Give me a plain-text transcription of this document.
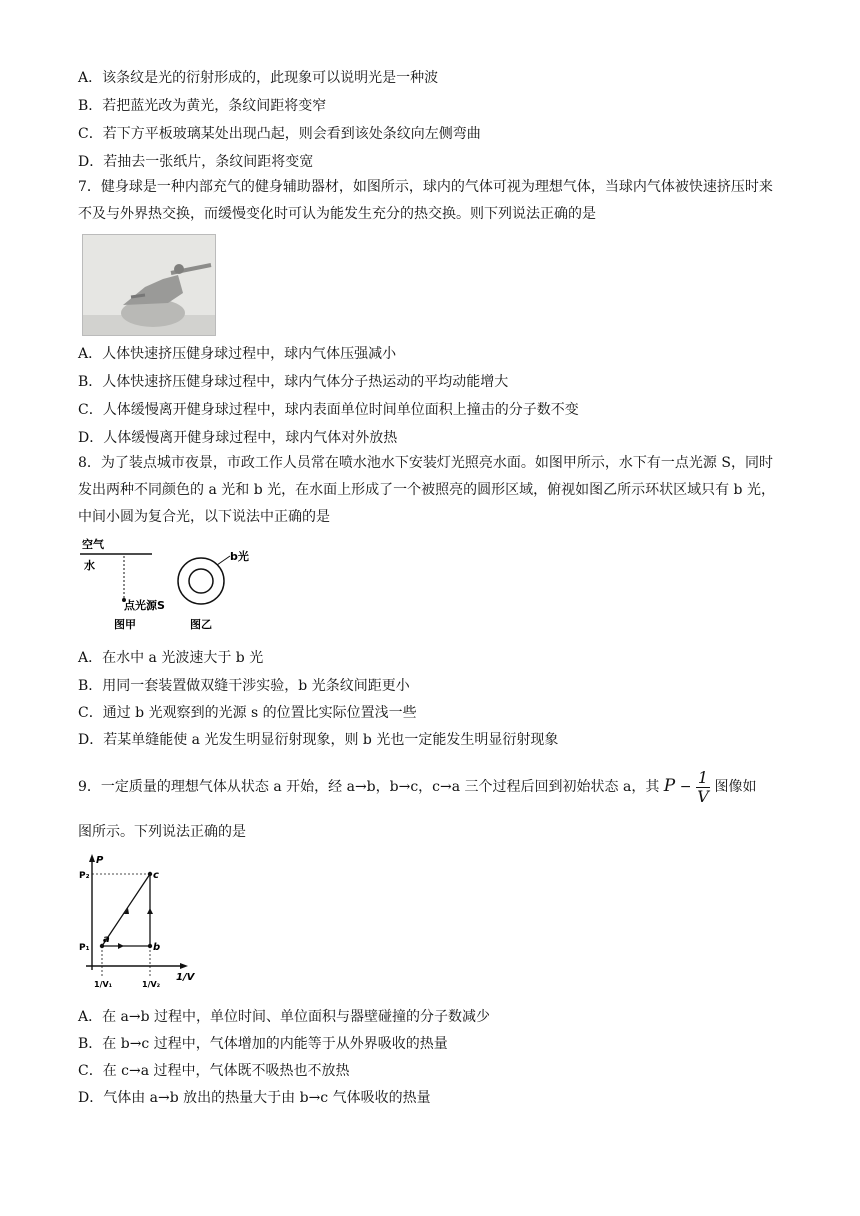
A．该条纹是光的衍射形成的，此现象可以说明光是一种波
B．若把蓝光改为黄光，条纹间距将变窄
C．若下方平板玻璃某处出现凸起，则会看到该处条纹向左侧弯曲
D．若抽去一张纸片，条纹间距将变宽
7．健身球是一种内部充气的健身辅助器材，如图所示，球内的气体可视为理想气体，当球内气体被快速挤压时来不及与外界热交换，而缓慢变化时可认为能发生充分的热交换。则下列说法正确的是
A．人体快速挤压健身球过程中，球内气体压强减小
B．人体快速挤压健身球过程中，球内气体分子热运动的平均动能增大
C．人体缓慢离开健身球过程中，球内表面单位时间单位面积上撞击的分子数不变
D．人体缓慢离开健身球过程中，球内气体对外放热
8．为了装点城市夜景，市政工作人员常在喷水池水下安装灯光照亮水面。如图甲所示，水下有一点光源 S，同时发出两种不同颜色的 a 光和 b 光，在水面上形成了一个被照亮的圆形区域，俯视如图乙所示环状区域只有 b 光，中间小圆为复合光，以下说法中正确的是
空气
水
点光源S
图甲
b光
图乙
A．在水中 a 光波速大于 b 光
B．用同一套装置做双缝干涉实验，b 光条纹间距更小
C．通过 b 光观察到的光源 s 的位置比实际位置浅一些
D．若某单缝能使 a 光发生明显衍射现象，则 b 光也一定能发生明显衍射现象
9．一定质量的理想气体从状态 a 开始，经 a→b，b→c，c→a 三个过程后回到初始状态 a，其 $P - \frac{1}{V}$ 图像如
图所示。下列说法正确的是
P
1/V
a
b
c
P₂
P₁
1/V₁	1/V₂
A．在 a→b 过程中，单位时间、单位面积与器壁碰撞的分子数减少
B．在 b→c 过程中，气体增加的内能等于从外界吸收的热量
C．在 c→a 过程中，气体既不吸热也不放热
D．气体由 a→b 放出的热量大于由 b→c 气体吸收的热量
